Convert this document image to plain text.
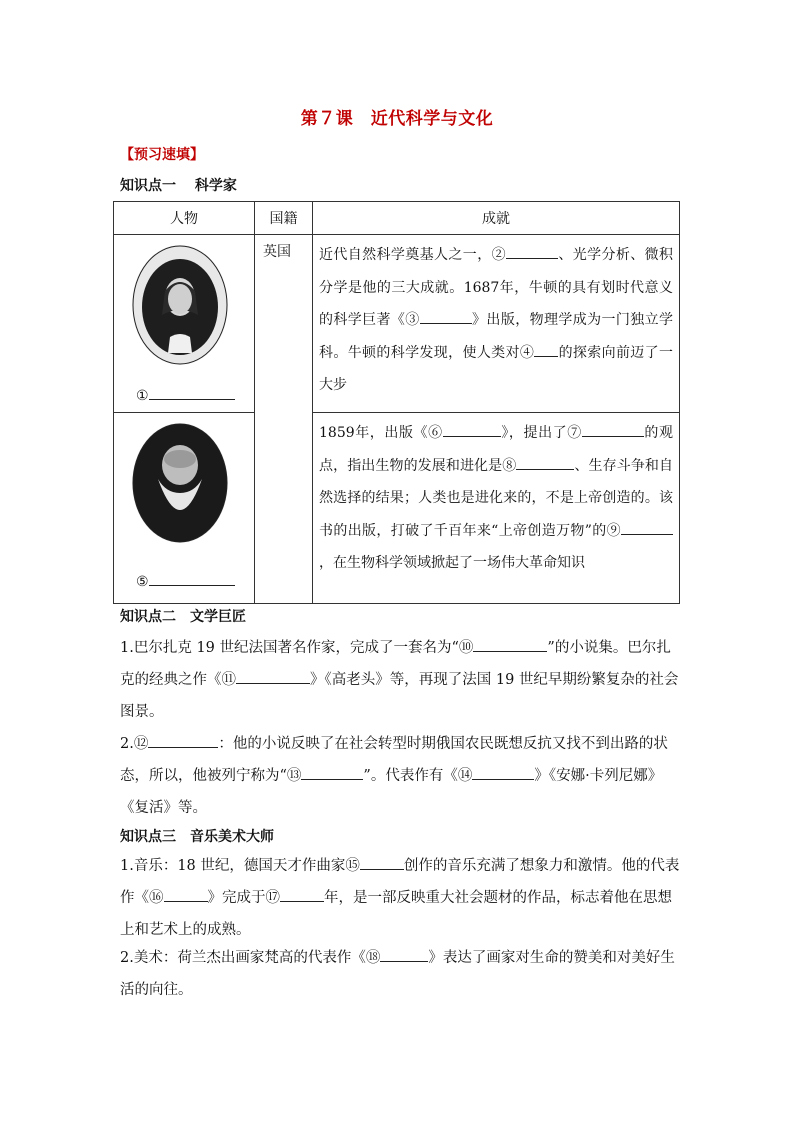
第７课　近代科学与文化
【预习速填】
知识点一　 科学家
人物	国籍	成就

①	英国	近代自然科学奠基人之一，② 、光学分析、微积分学是他的三大成就。1687年，牛顿的具有划时代意义的科学巨著《③ 》出版，物理学成为一门独立学科。牛顿的科学发现，使人类对④ 的探索向前迈了一大步

⑤		1859年，出版《⑥ 》，提出了⑦ 的观点，指出生物的发展和进化是⑧ 、生存斗争和自然选择的结果；人类也是进化来的，不是上帝创造的。该书的出版，打破了千百年来“上帝创造万物”的⑨，在生物科学领域掀起了一场伟大革命知识
知识点二　文学巨匠
1.巴尔扎克 19 世纪法国著名作家，完成了一套名为“⑩	”的小说集。巴尔扎克的经典之作《⑪	》《高老头》等，再现了法国 19 世纪早期纷繁复杂的社会图景。
2.⑫	：他的小说反映了在社会转型时期俄国农民既想反抗又找不到出路的状态，所以，他被列宁称为“⑬	”。代表作有《⑭	》《安娜·卡列尼娜》《复活》等。
知识点三　音乐美术大师
1.音乐：18 世纪，德国天才作曲家⑮	创作的音乐充满了想象力和激情。他的代表作《⑯	》完成于⑰	年，是一部反映重大社会题材的作品，标志着他在思想上和艺术上的成熟。
2.美术：荷兰杰出画家梵高的代表作《⑱	》表达了画家对生命的赞美和对美好生活的向往。
